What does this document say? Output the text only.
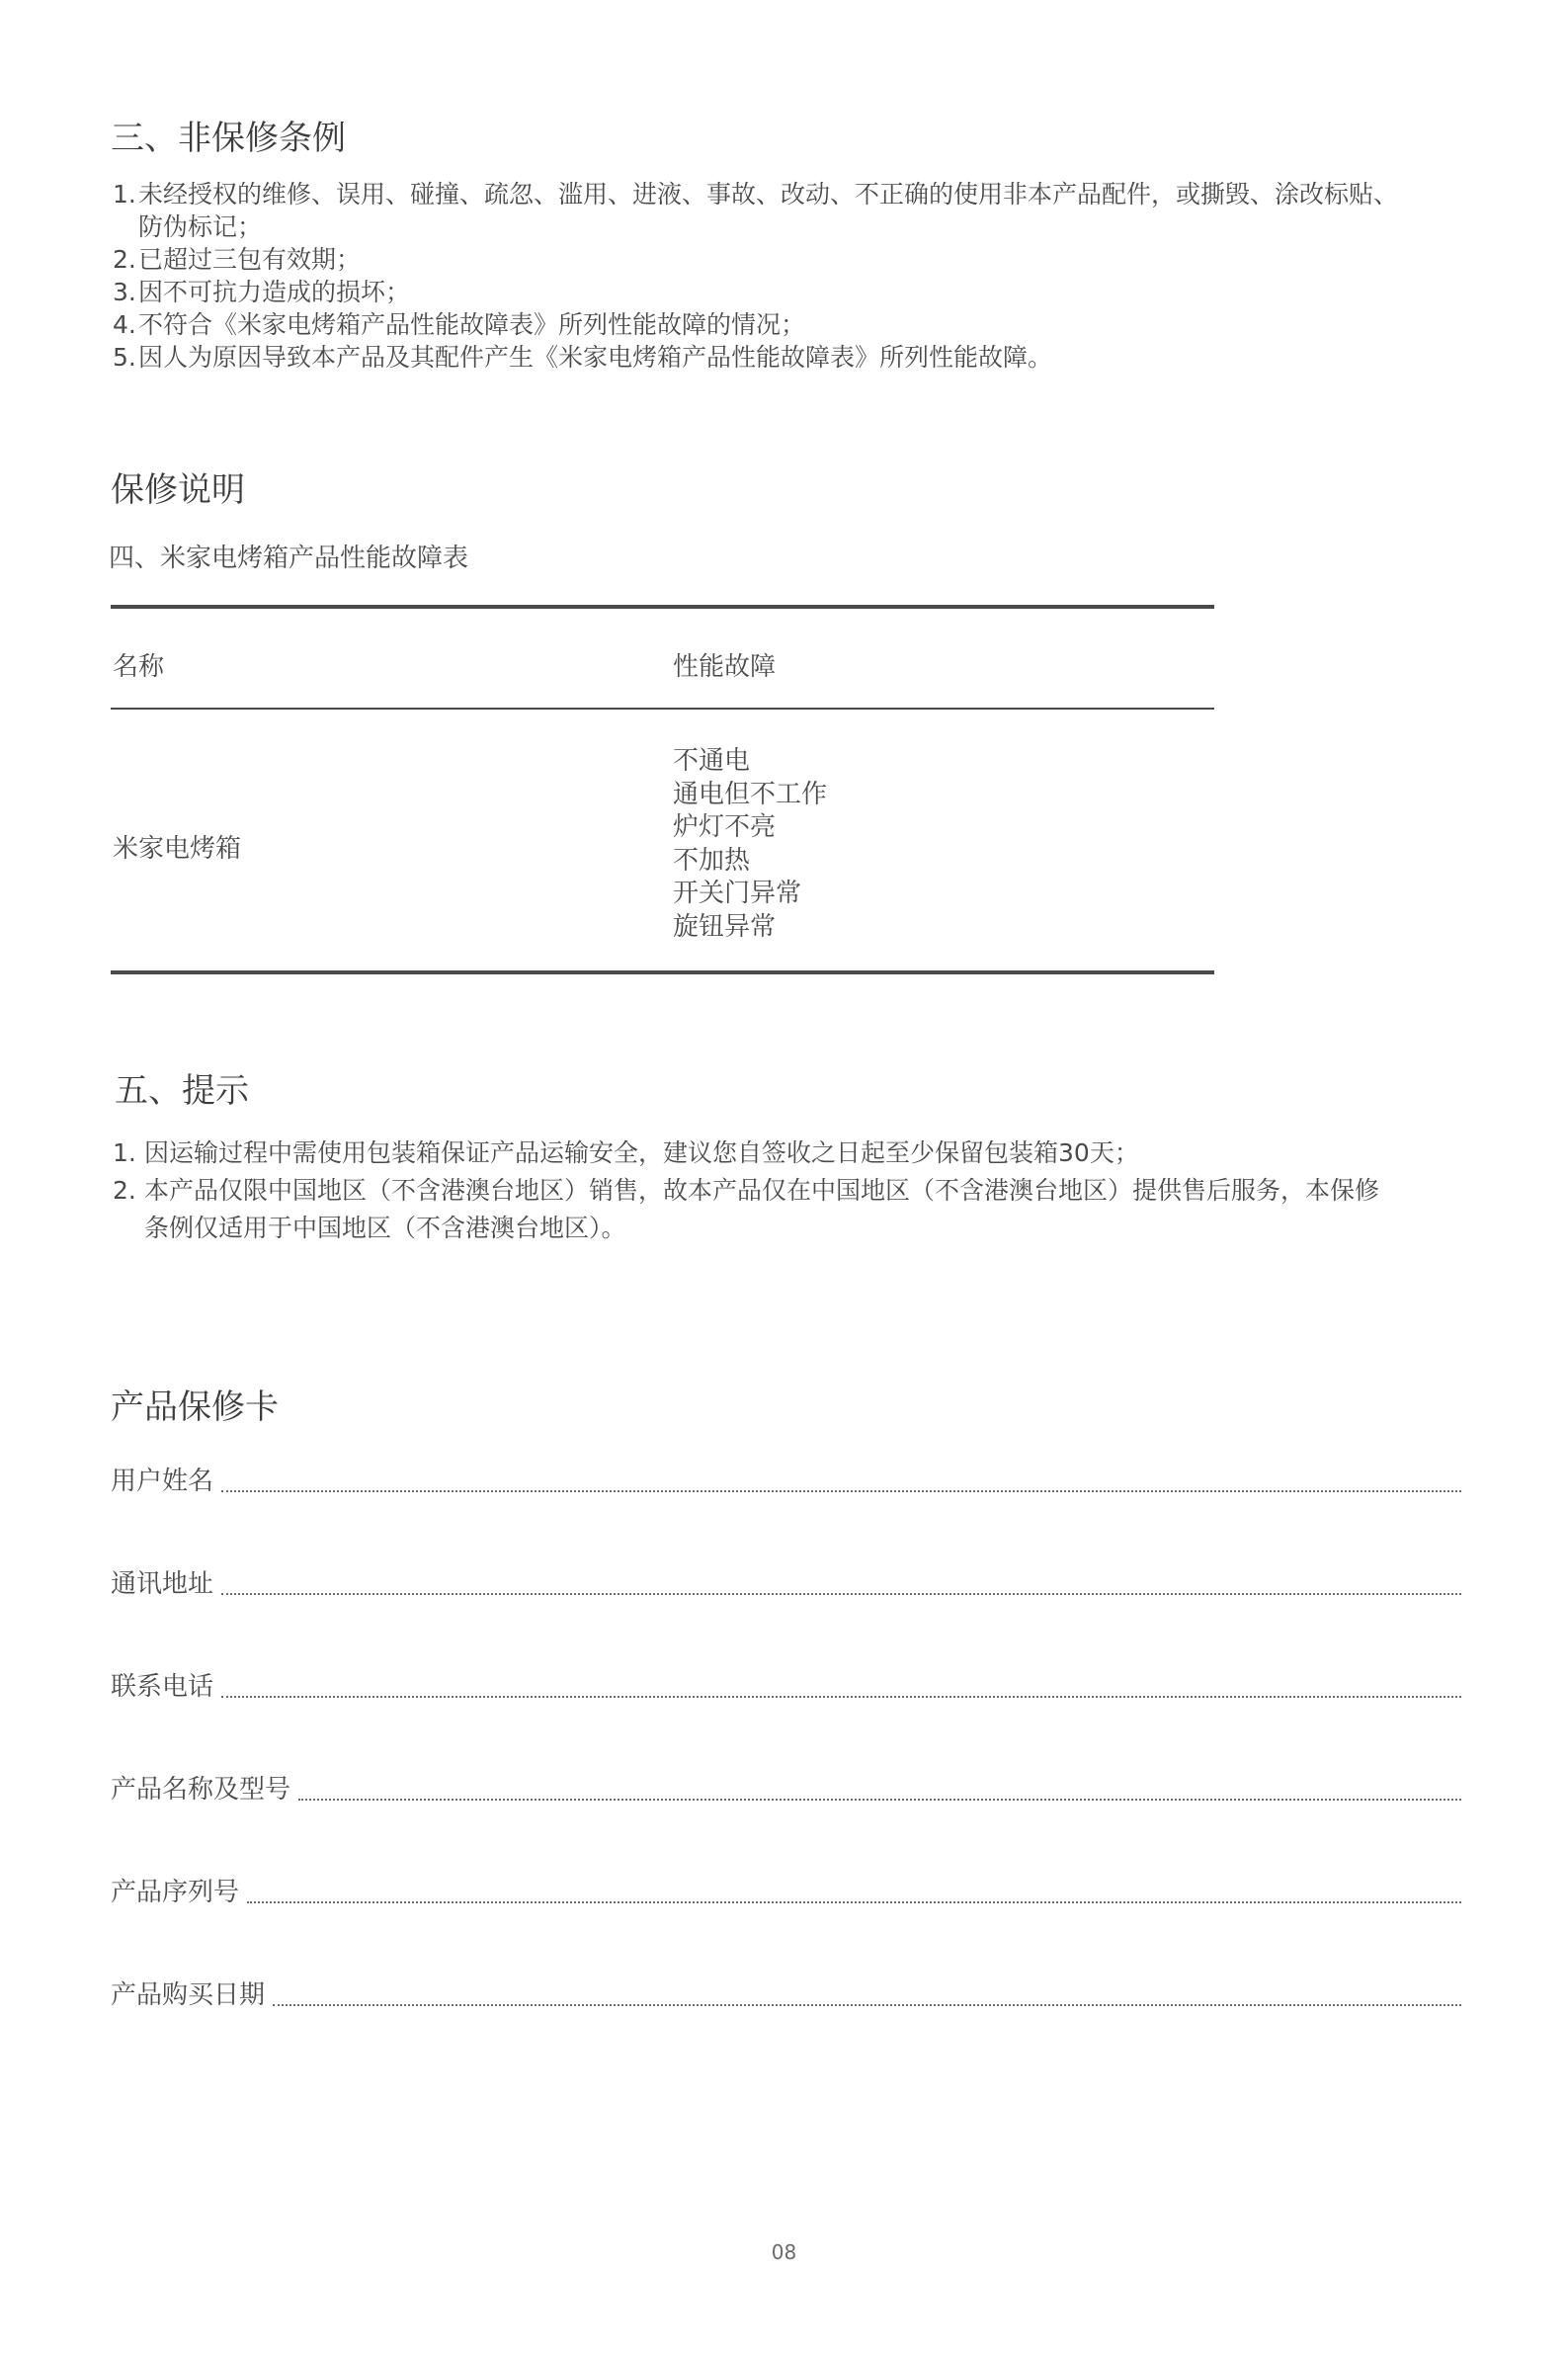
三、非保修条例
1.未经授权的维修、误用、碰撞、疏忽、滥用、进液、事故、改动、不正确的使用非本产品配件，或撕毁、涂改标贴、
防伪标记；
2.已超过三包有效期；
3.因不可抗力造成的损坏；
4.不符合《米家电烤箱产品性能故障表》所列性能故障的情况；
5.因人为原因导致本产品及其配件产生《米家电烤箱产品性能故障表》所列性能故障。
保修说明
四、米家电烤箱产品性能故障表
名称	性能故障
米家电烤箱
不通电
通电但不工作
炉灯不亮
不加热
开关门异常
旋钮异常
五、提示
1. 因运输过程中需使用包装箱保证产品运输安全，建议您自签收之日起至少保留包装箱30天；
2. 本产品仅限中国地区（不含港澳台地区）销售，故本产品仅在中国地区（不含港澳台地区）提供售后服务，本保修
条例仅适用于中国地区（不含港澳台地区）。
产品保修卡
用户姓名
通讯地址
联系电话
产品名称及型号
产品序列号
产品购买日期
08
